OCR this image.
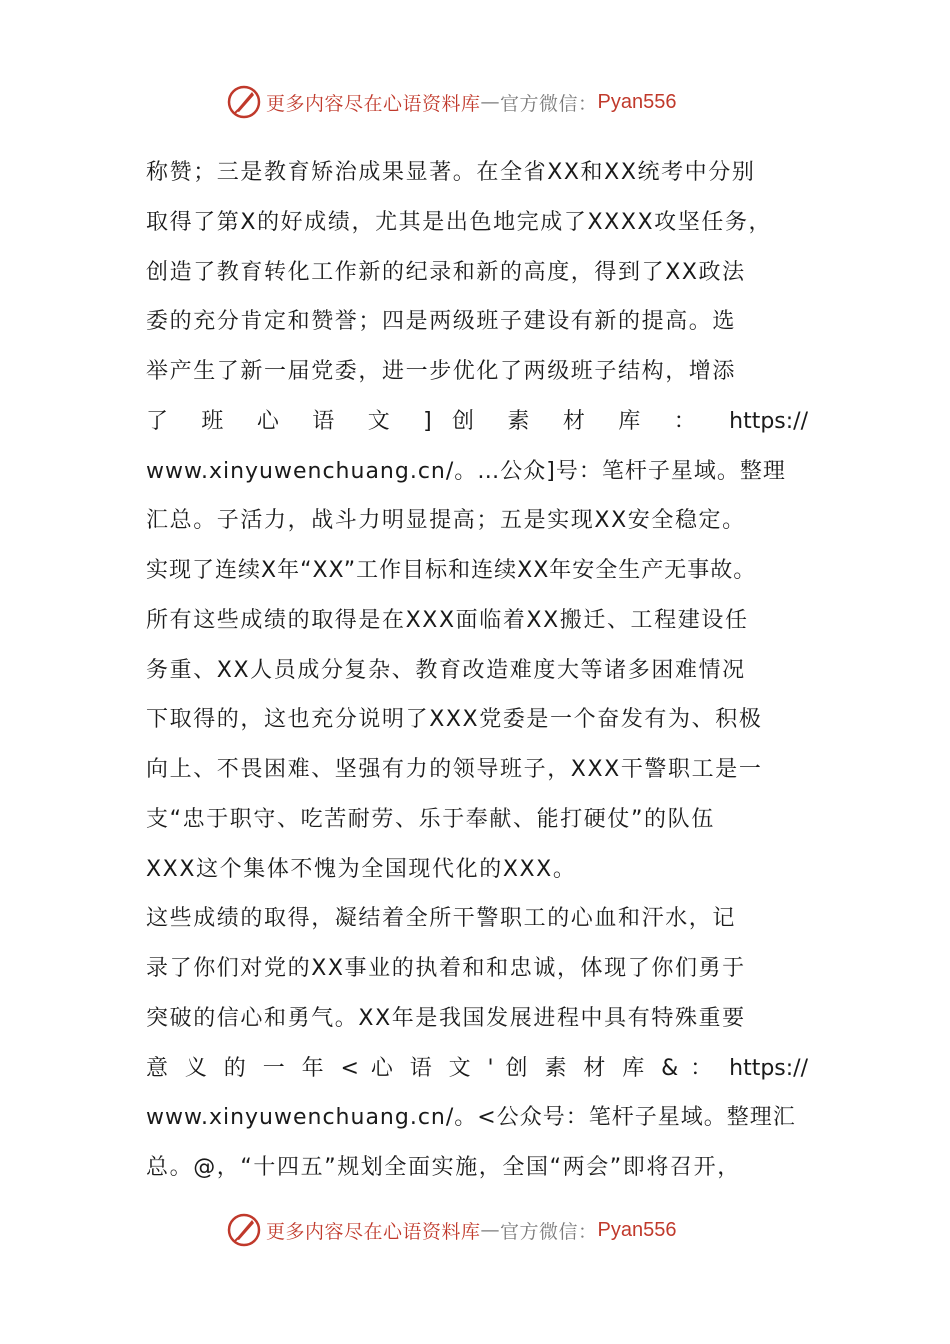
更多内容尽在心语资料库 — 官方微信： Pyan556
称赞；三是教育矫治成果显著。在全省XX和XX统考中分别
取得了第X的好成绩，尤其是出色地完成了XXXX攻坚任务，
创造了教育转化工作新的纪录和新的高度，得到了XX政法
委的充分肯定和赞誉；四是两级班子建设有新的提高。选
举产生了新一届党委，进一步优化了两级班子结构，增添
了 班 心 语 文 ] 创 素 材 库 ： https://
www.xinyuwenchuang.cn/。…公众]号：笔杆子星域。整理
汇总。子活力，战斗力明显提高；五是实现XX安全稳定。
实现了连续X年“XX”工作目标和连续XX年安全生产无事故。
所有这些成绩的取得是在XXX面临着XX搬迁、工程建设任
务重、XX人员成分复杂、教育改造难度大等诸多困难情况
下取得的，这也充分说明了XXX党委是一个奋发有为、积极
向上、不畏困难、坚强有力的领导班子，XXX干警职工是一
支“忠于职守、吃苦耐劳、乐于奉献、能打硬仗”的队伍
XXX这个集体不愧为全国现代化的XXX。
这些成绩的取得，凝结着全所干警职工的心血和汗水，记
录了你们对党的XX事业的执着和和忠诚，体现了你们勇于
突破的信心和勇气。XX年是我国发展进程中具有特殊重要
意 义 的 一 年 < 心 语 文 ' 创 素 材 库 & ： https://
www.xinyuwenchuang.cn/。<公众号：笔杆子星域。整理汇
总。@，“十四五”规划全面实施，全国“两会”即将召开，
更多内容尽在心语资料库 — 官方微信： Pyan556
